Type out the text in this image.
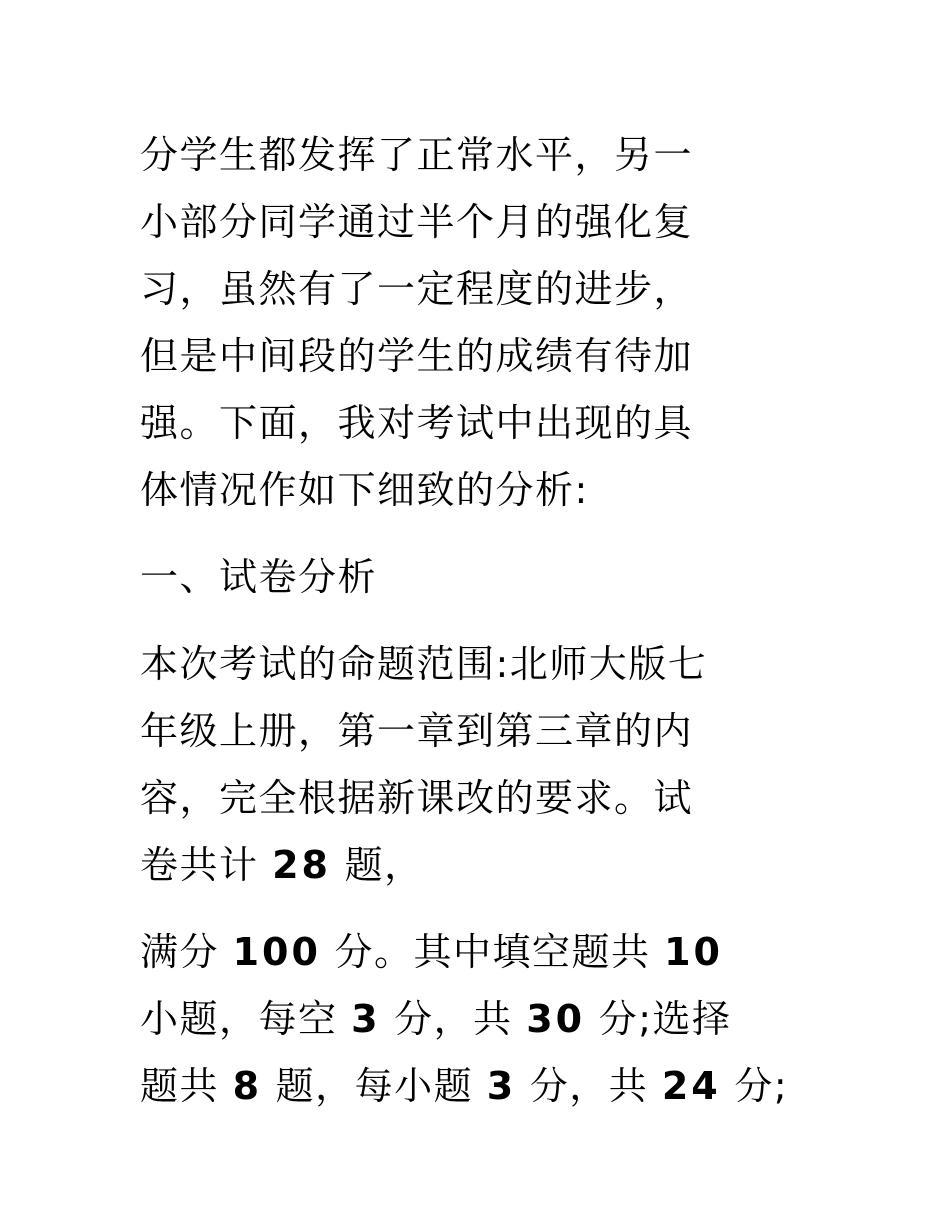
分学生都发挥了正常水平，另一
小部分同学通过半个月的强化复
习，虽然有了一定程度的进步，
但是中间段的学生的成绩有待加
强。下面，我对考试中出现的具
体情况作如下细致的分析:

一、试卷分析

本次考试的命题范围:北师大版七
年级上册，第一章到第三章的内
容，完全根据新课改的要求。试
卷共计 28 题，

满分 100 分。其中填空题共 10
小题，每空 3 分，共 30 分;选择
题共 8 题，每小题 3 分，共 24 分;
